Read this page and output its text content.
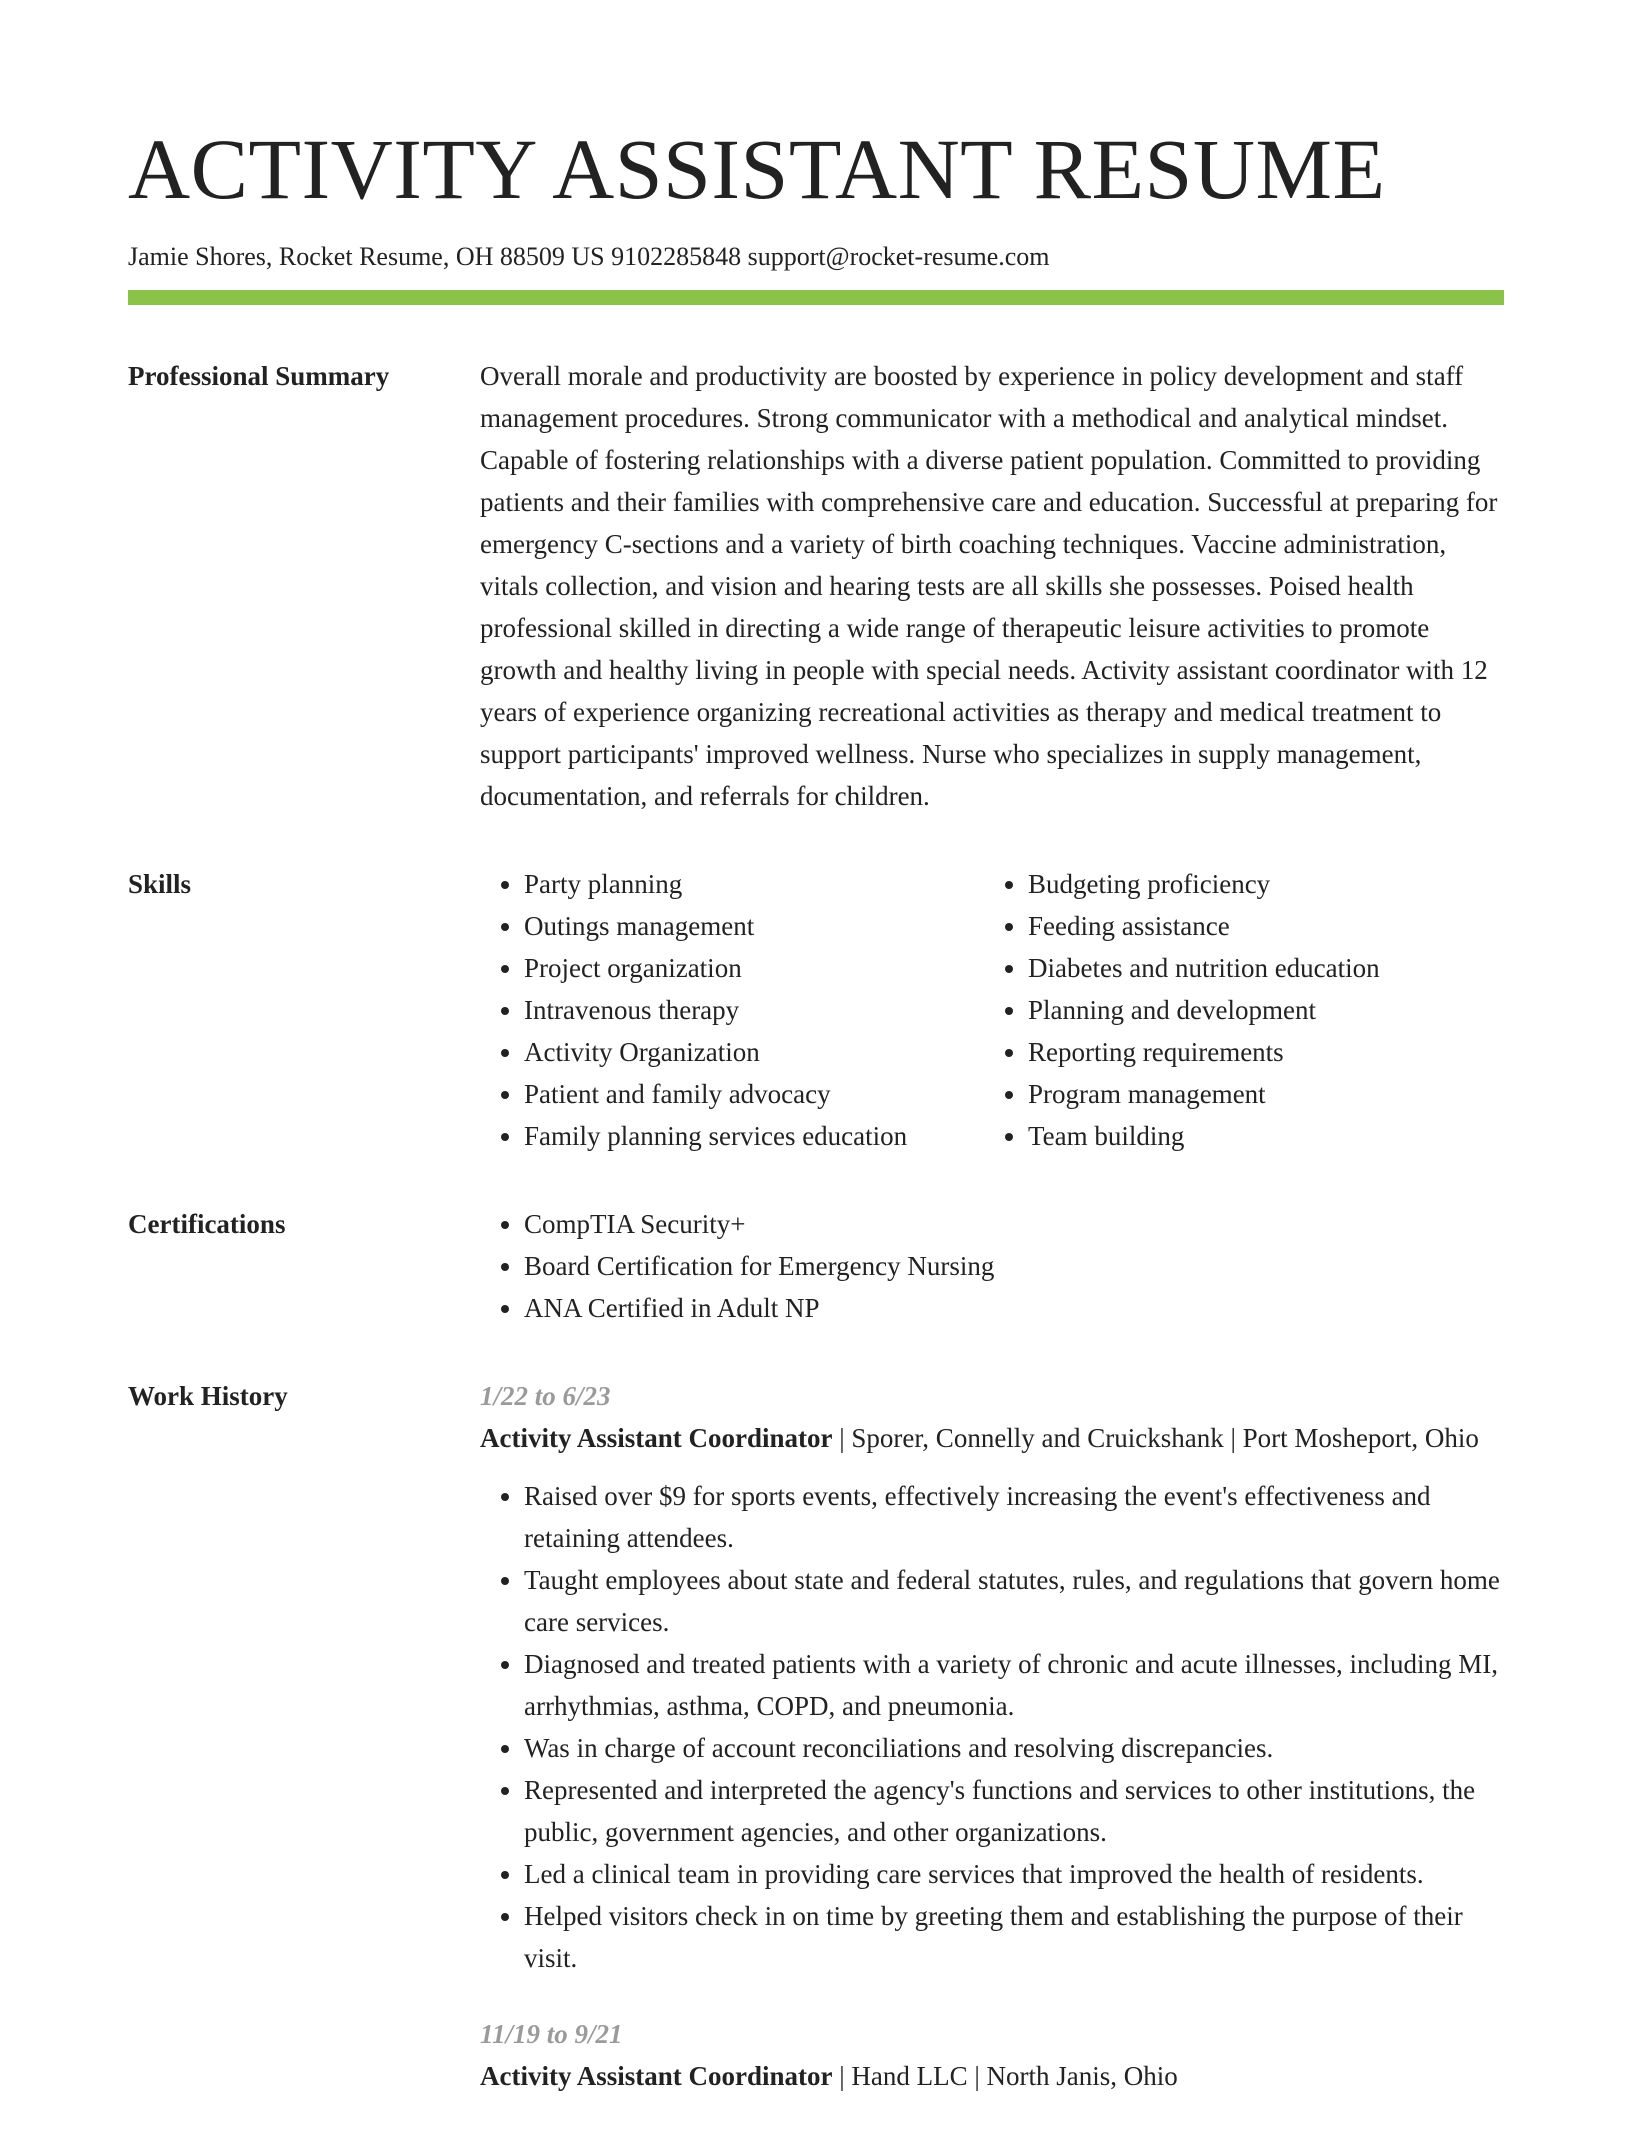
ACTIVITY ASSISTANT RESUME
Jamie Shores, Rocket Resume, OH 88509 US 9102285848 support@rocket-resume.com
Professional Summary	Overall morale and productivity are boosted by experience in policy development and staff management procedures. Strong communicator with a methodical and analytical mindset. Capable of fostering relationships with a diverse patient population. Committed to providing patients and their families with comprehensive care and education. Successful at preparing for emergency C-sections and a variety of birth coaching techniques. Vaccine administration, vitals collection, and vision and hearing tests are all skills she possesses. Poised health professional skilled in directing a wide range of therapeutic leisure activities to promote growth and healthy living in people with special needs. Activity assistant coordinator with 12 years of experience organizing recreational activities as therapy and medical treatment to support participants' improved wellness. Nurse who specializes in supply management, documentation, and referrals for children.

Skills	• Party planning
• Outings management
• Project organization
• Intravenous therapy
• Activity Organization
• Patient and family advocacy
• Family planning services education
• Budgeting proficiency
• Feeding assistance
• Diabetes and nutrition education
• Planning and development
• Reporting requirements
• Program management
• Team building
Certifications	• CompTIA Security+
• Board Certification for Emergency Nursing
• ANA Certified in Adult NP
Work History	1/22 to 6/23
Activity Assistant Coordinator | Sporer, Connelly and Cruickshank | Port Mosheport, Ohio
• Raised over $9 for sports events, effectively increasing the event's effectiveness and retaining attendees.
• Taught employees about state and federal statutes, rules, and regulations that govern home care services.
• Diagnosed and treated patients with a variety of chronic and acute illnesses, including MI, arrhythmias, asthma, COPD, and pneumonia.
• Was in charge of account reconciliations and resolving discrepancies.
• Represented and interpreted the agency's functions and services to other institutions, the public, government agencies, and other organizations.
• Led a clinical team in providing care services that improved the health of residents.
• Helped visitors check in on time by greeting them and establishing the purpose of their visit.
11/19 to 9/21
Activity Assistant Coordinator | Hand LLC | North Janis, Ohio
